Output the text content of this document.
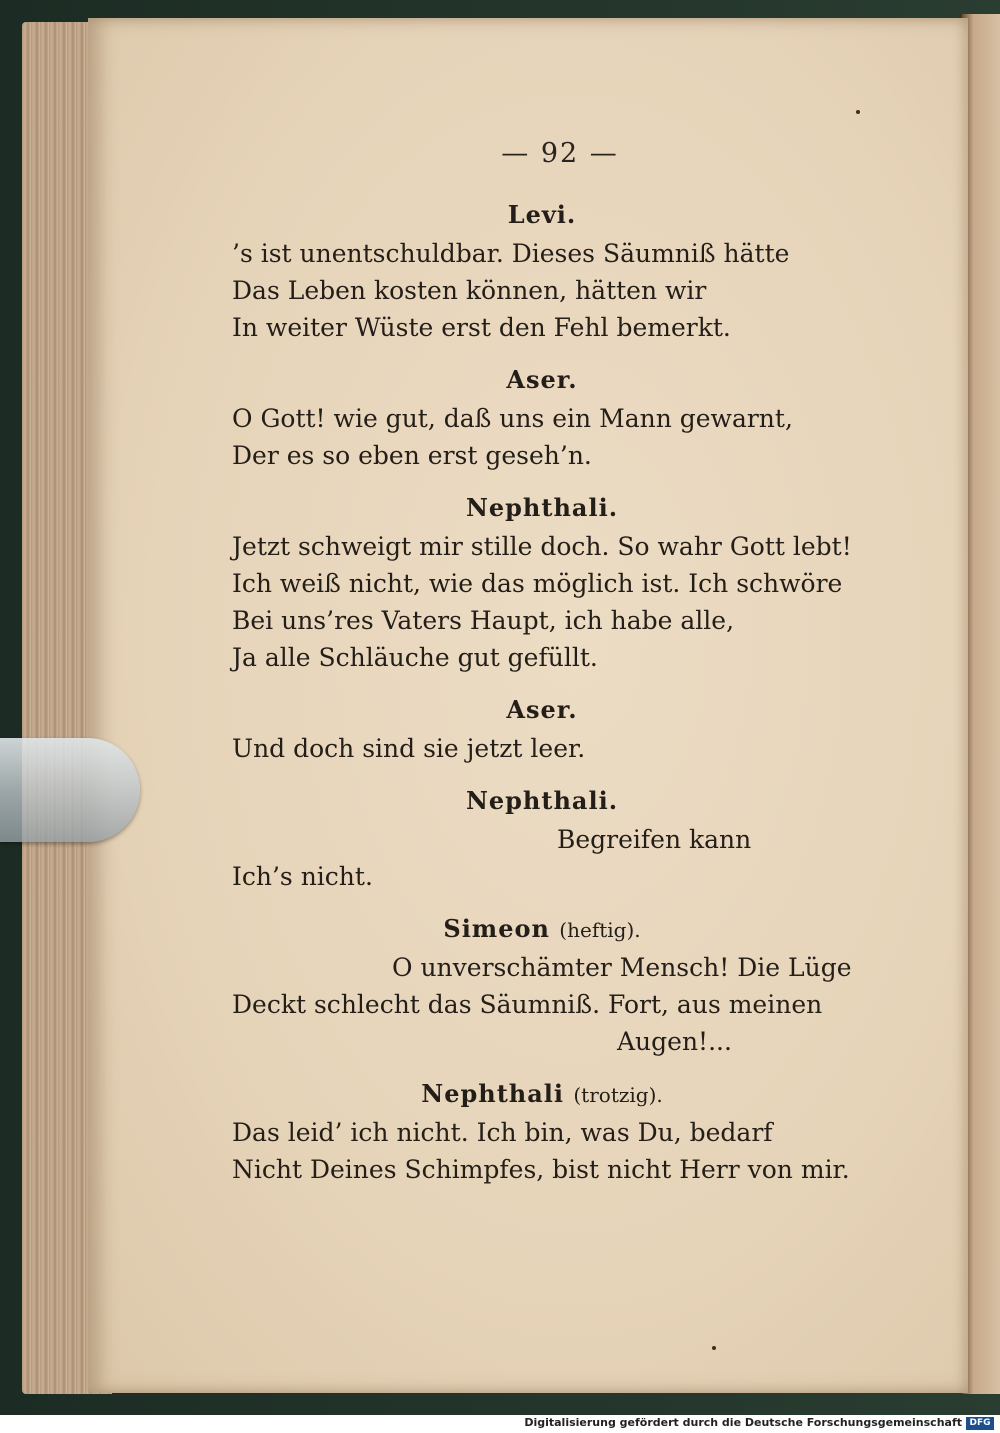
— 92 —

Levi.

’s ist unentschuldbar. Dieses Säumniß hätte

Das Leben kosten können, hätten wir

In weiter Wüste erst den Fehl bemerkt.

Aser.

O Gott! wie gut, daß uns ein Mann gewarnt,

Der es so eben erst geseh’n.

Nephthali.

Jetzt schweigt mir stille doch. So wahr Gott lebt!

Ich weiß nicht, wie das möglich ist. Ich schwöre

Bei uns’res Vaters Haupt, ich habe alle,

Ja alle Schläuche gut gefüllt.

Aser.

Und doch sind sie jetzt leer.

Nephthali.

Begreifen kann

Ich’s nicht.

Simeon (heftig).

O unverschämter Mensch! Die Lüge

Deckt schlecht das Säumniß. Fort, aus meinen

Augen!...

Nephthali (trotzig).

Das leid’ ich nicht. Ich bin, was Du, bedarf

Nicht Deines Schimpfes, bist nicht Herr von mir.

Digitalisierung gefördert durch die Deutsche Forschungsgemeinschaft DFG
